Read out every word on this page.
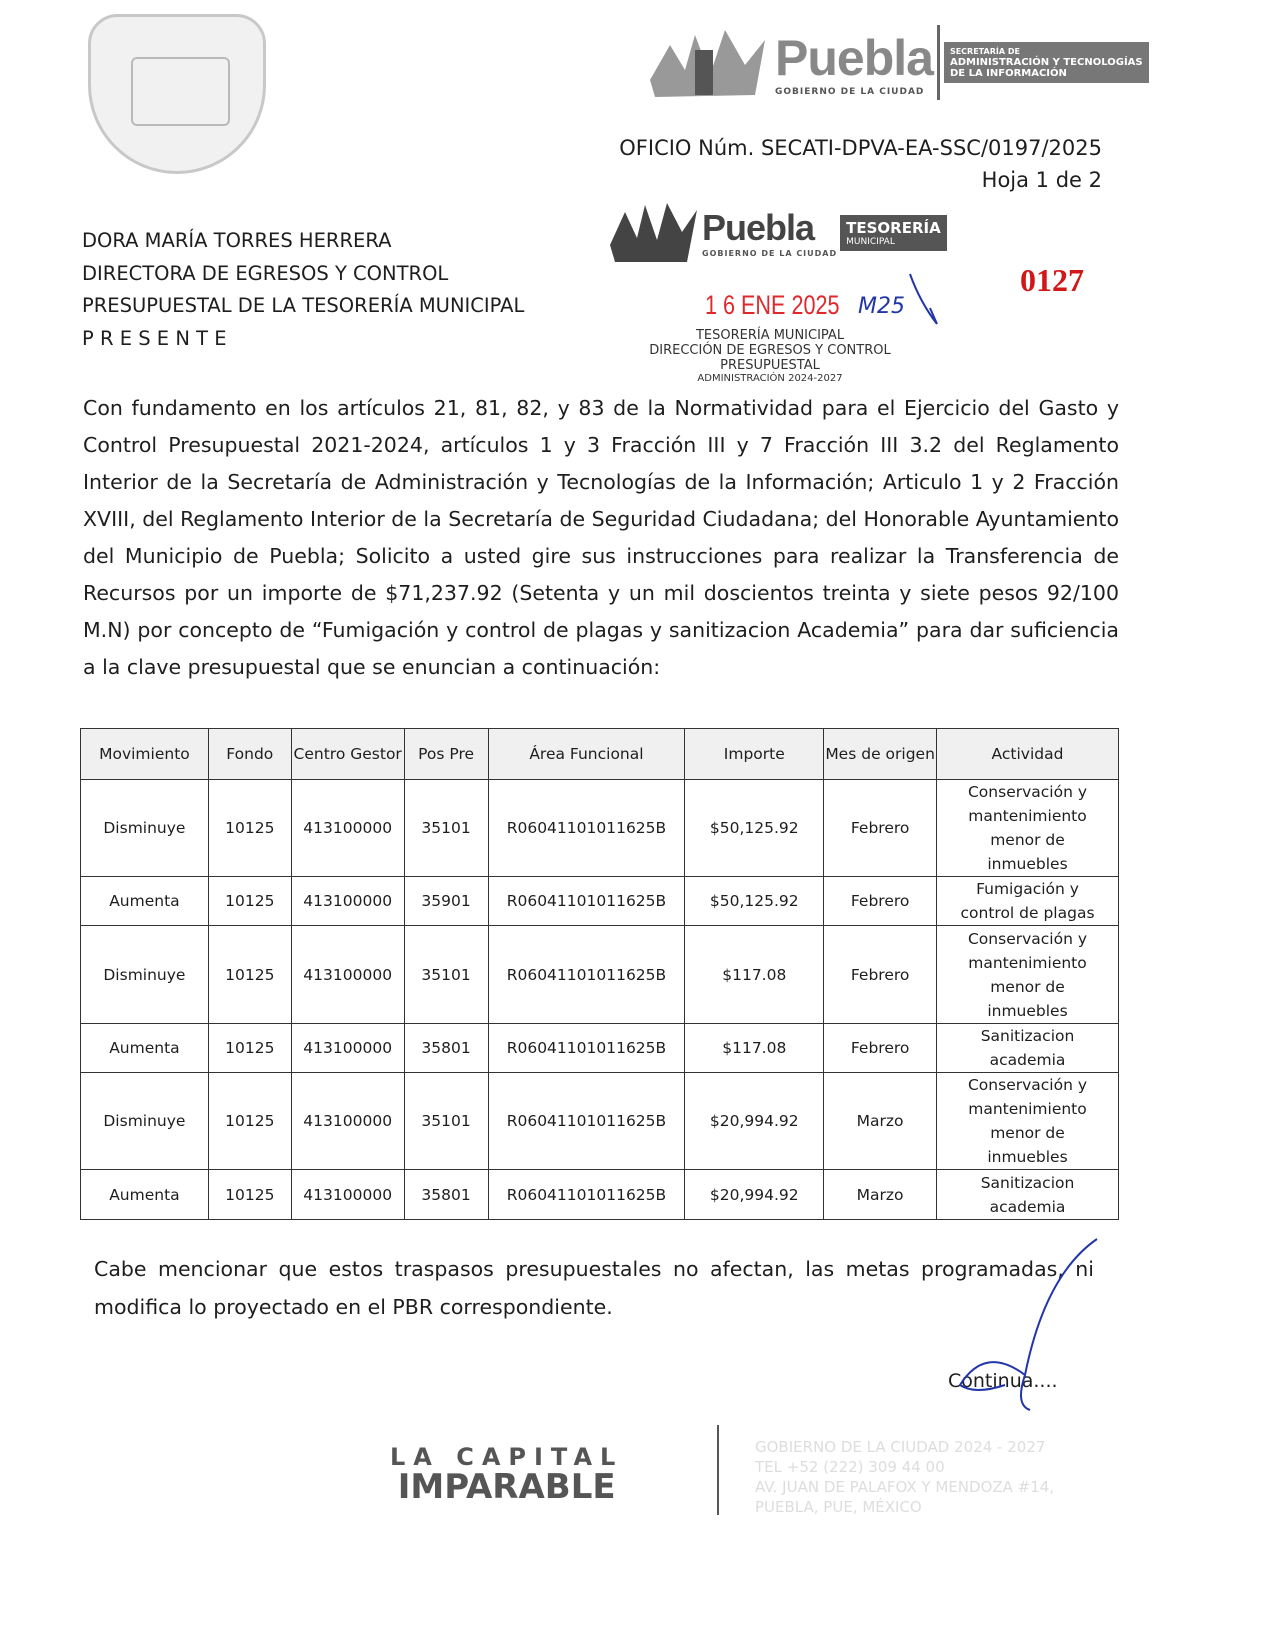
Puebla
GOBIERNO DE LA CIUDAD
SECRETARÍA DE
ADMINISTRACIÓN Y TECNOLOGÍAS
DE LA INFORMACIÓN
OFICIO Núm. SECATI-DPVA-EA-SSC/0197/2025
Hoja 1 de 2
DORA MARÍA TORRES HERRERA
DIRECTORA DE EGRESOS Y CONTROL
PRESUPUESTAL DE LA TESORERÍA MUNICIPAL
P R E S E N T E
Puebla
GOBIERNO DE LA CIUDAD
TESORERÍA
MUNICIPAL
0127
1 6 ENE 2025 M25
TESORERÍA MUNICIPAL
DIRECCIÓN DE EGRESOS Y CONTROL
PRESUPUESTAL
ADMINISTRACIÓN 2024-2027
Con fundamento en los artículos 21, 81, 82, y 83 de la Normatividad para el Ejercicio del Gasto y Control Presupuestal 2021-2024, artículos 1 y 3 Fracción III y 7 Fracción III 3.2 del Reglamento Interior de la Secretaría de Administración y Tecnologías de la Información; Articulo 1 y 2 Fracción XVIII, del Reglamento Interior de la Secretaría de Seguridad Ciudadana; del Honorable Ayuntamiento del Municipio de Puebla; Solicito a usted gire sus instrucciones para realizar la Transferencia de Recursos por un importe de $71,237.92 (Setenta y un mil doscientos treinta y siete pesos 92/100 M.N) por concepto de “Fumigación y control de plagas y sanitizacion Academia” para dar suficiencia a la clave presupuestal que se enuncian a continuación:
Movimiento	Fondo	Centro Gestor	Pos Pre	Área Funcional	Importe	Mes de origen	Actividad
Disminuye	10125	413100000	35101	R06041101011625B	$50,125.92	Febrero	Conservación y mantenimiento menor de inmuebles
Aumenta	10125	413100000	35901	R06041101011625B	$50,125.92	Febrero	Fumigación y control de plagas
Disminuye	10125	413100000	35101	R06041101011625B	$117.08	Febrero	Conservación y mantenimiento menor de inmuebles
Aumenta	10125	413100000	35801	R06041101011625B	$117.08	Febrero	Sanitizacion academia
Disminuye	10125	413100000	35101	R06041101011625B	$20,994.92	Marzo	Conservación y mantenimiento menor de inmuebles
Aumenta	10125	413100000	35801	R06041101011625B	$20,994.92	Marzo	Sanitizacion academia
Cabe mencionar que estos traspasos presupuestales no afectan, las metas programadas, ni modifica lo proyectado en el PBR correspondiente.
Continua....
LA CAPITAL
IMPARABLE
GOBIERNO DE LA CIUDAD 2024 - 2027
TEL +52 (222) 309 44 00
AV. JUAN DE PALAFOX Y MENDOZA #14,
PUEBLA, PUE, MÉXICO
